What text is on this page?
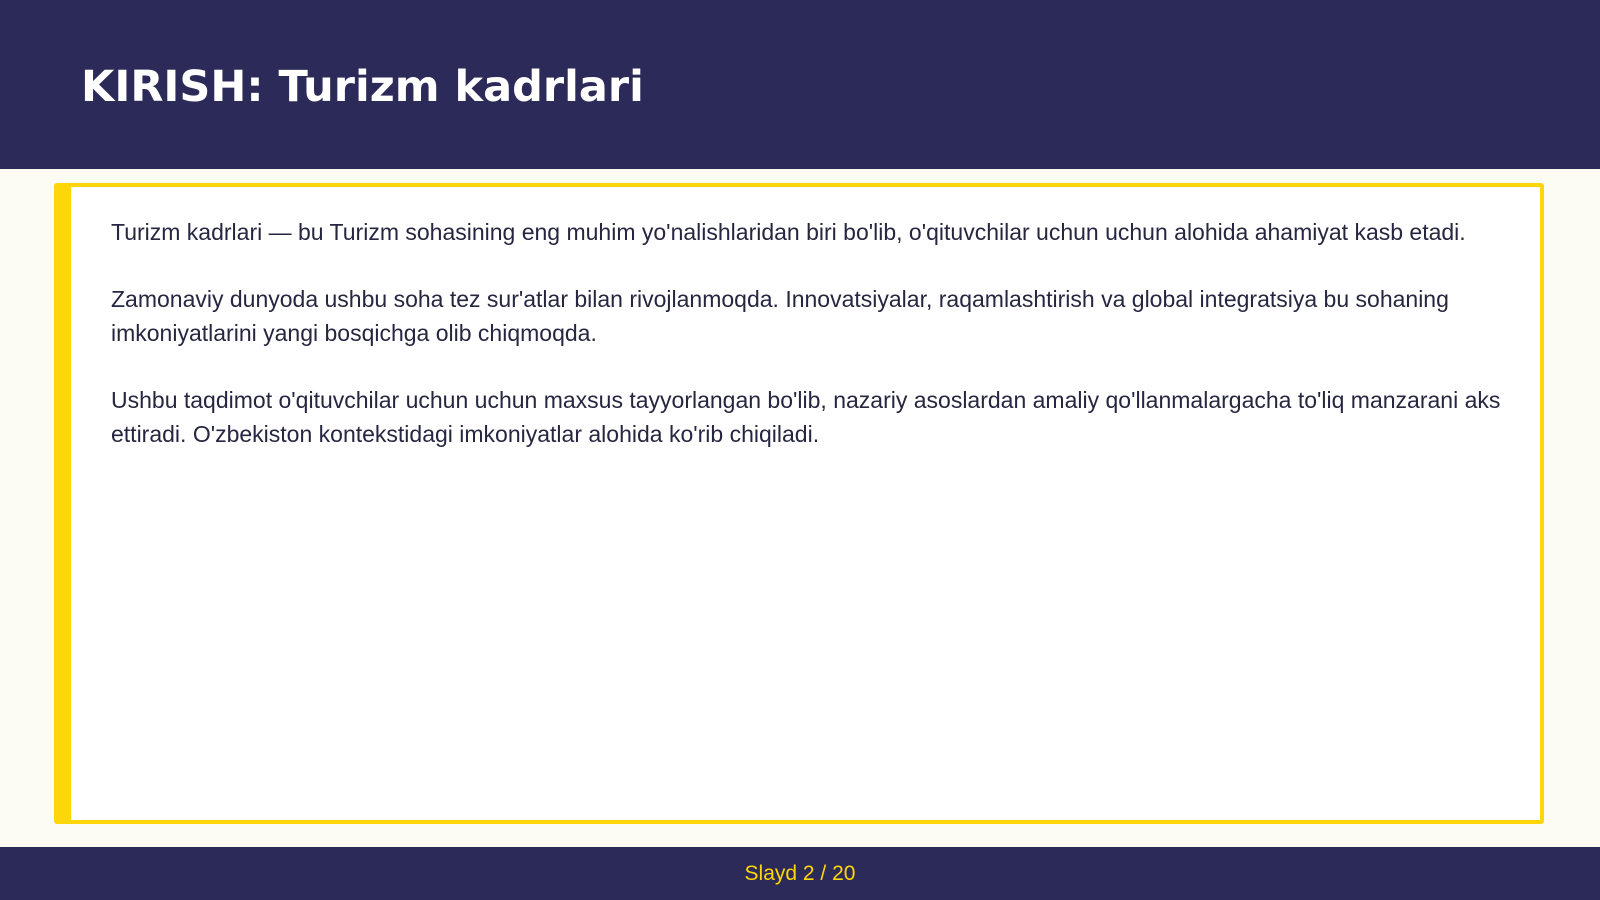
KIRISH: Turizm kadrlari

Turizm kadrlari — bu Turizm sohasining eng muhim yo'nalishlaridan biri bo'lib, o'qituvchilar uchun uchun alohida ahamiyat kasb etadi.

Zamonaviy dunyoda ushbu soha tez sur'atlar bilan rivojlanmoqda. Innovatsiyalar, raqamlashtirish va global integratsiya bu sohaning imkoniyatlarini yangi bosqichga olib chiqmoqda.

Ushbu taqdimot o'qituvchilar uchun uchun maxsus tayyorlangan bo'lib, nazariy asoslardan amaliy qo'llanmalargacha to'liq manzarani aks ettiradi. O'zbekiston kontekstidagi imkoniyatlar alohida ko'rib chiqiladi.

Slayd 2 / 20
